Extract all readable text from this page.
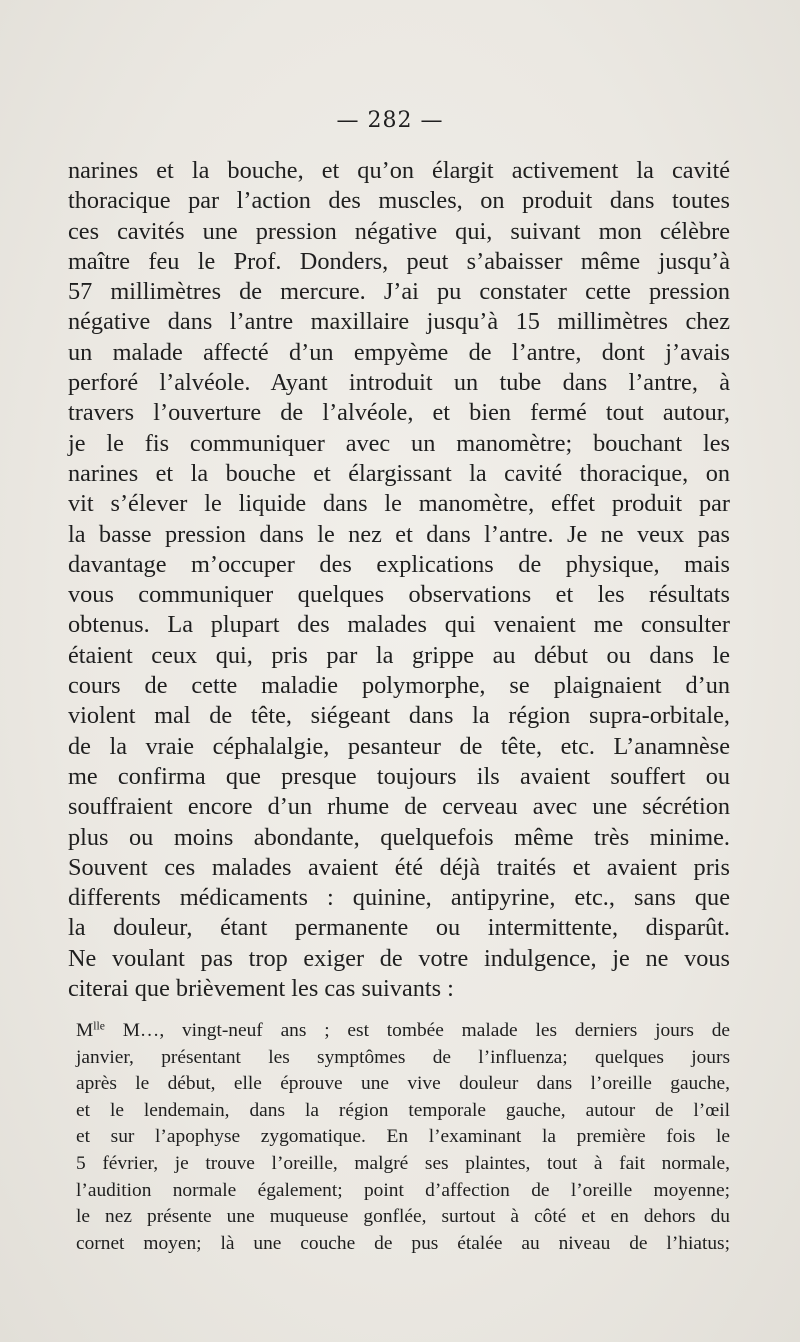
— 282 —

narines et la bouche, et qu’on élargit activement la cavité
thoracique par l’action des muscles, on produit dans toutes
ces cavités une pression négative qui, suivant mon célèbre
maître feu le Prof. Donders, peut s’abaisser même jusqu’à
57 millimètres de mercure. J’ai pu constater cette pression
négative dans l’antre maxillaire jusqu’à 15 millimètres chez
un malade affecté d’un empyème de l’antre, dont j’avais
perforé l’alvéole. Ayant introduit un tube dans l’antre, à
travers l’ouverture de l’alvéole, et bien fermé tout autour,
je le fis communiquer avec un manomètre; bouchant les
narines et la bouche et élargissant la cavité thoracique, on
vit s’élever le liquide dans le manomètre, effet produit par
la basse pression dans le nez et dans l’antre. Je ne veux pas
davantage m’occuper des explications de physique, mais
vous communiquer quelques observations et les résultats
obtenus. La plupart des malades qui venaient me consulter
étaient ceux qui, pris par la grippe au début ou dans le
cours de cette maladie polymorphe, se plaignaient d’un
violent mal de tête, siégeant dans la région supra-orbitale,
de la vraie céphalalgie, pesanteur de tête, etc. L’anamnèse
me confirma que presque toujours ils avaient souffert ou
souffraient encore d’un rhume de cerveau avec une sécrétion
plus ou moins abondante, quelquefois même très minime.
Souvent ces malades avaient été déjà traités et avaient pris
differents médicaments : quinine, antipyrine, etc., sans que
la douleur, étant permanente ou intermittente, disparût.
Ne voulant pas trop exiger de votre indulgence, je ne vous
citerai que brièvement les cas suivants :

$M^{lle}$ M…, vingt-neuf ans ; est tombée malade les derniers jours de
janvier, présentant les symptômes de l’influenza; quelques jours
après le début, elle éprouve une vive douleur dans l’oreille gauche,
et le lendemain, dans la région temporale gauche, autour de l’œil
et sur l’apophyse zygomatique. En l’examinant la première fois le
5 février, je trouve l’oreille, malgré ses plaintes, tout à fait normale,
l’audition normale également; point d’affection de l’oreille moyenne;
le nez présente une muqueuse gonflée, surtout à côté et en dehors du
cornet moyen; là une couche de pus étalée au niveau de l’hiatus;
